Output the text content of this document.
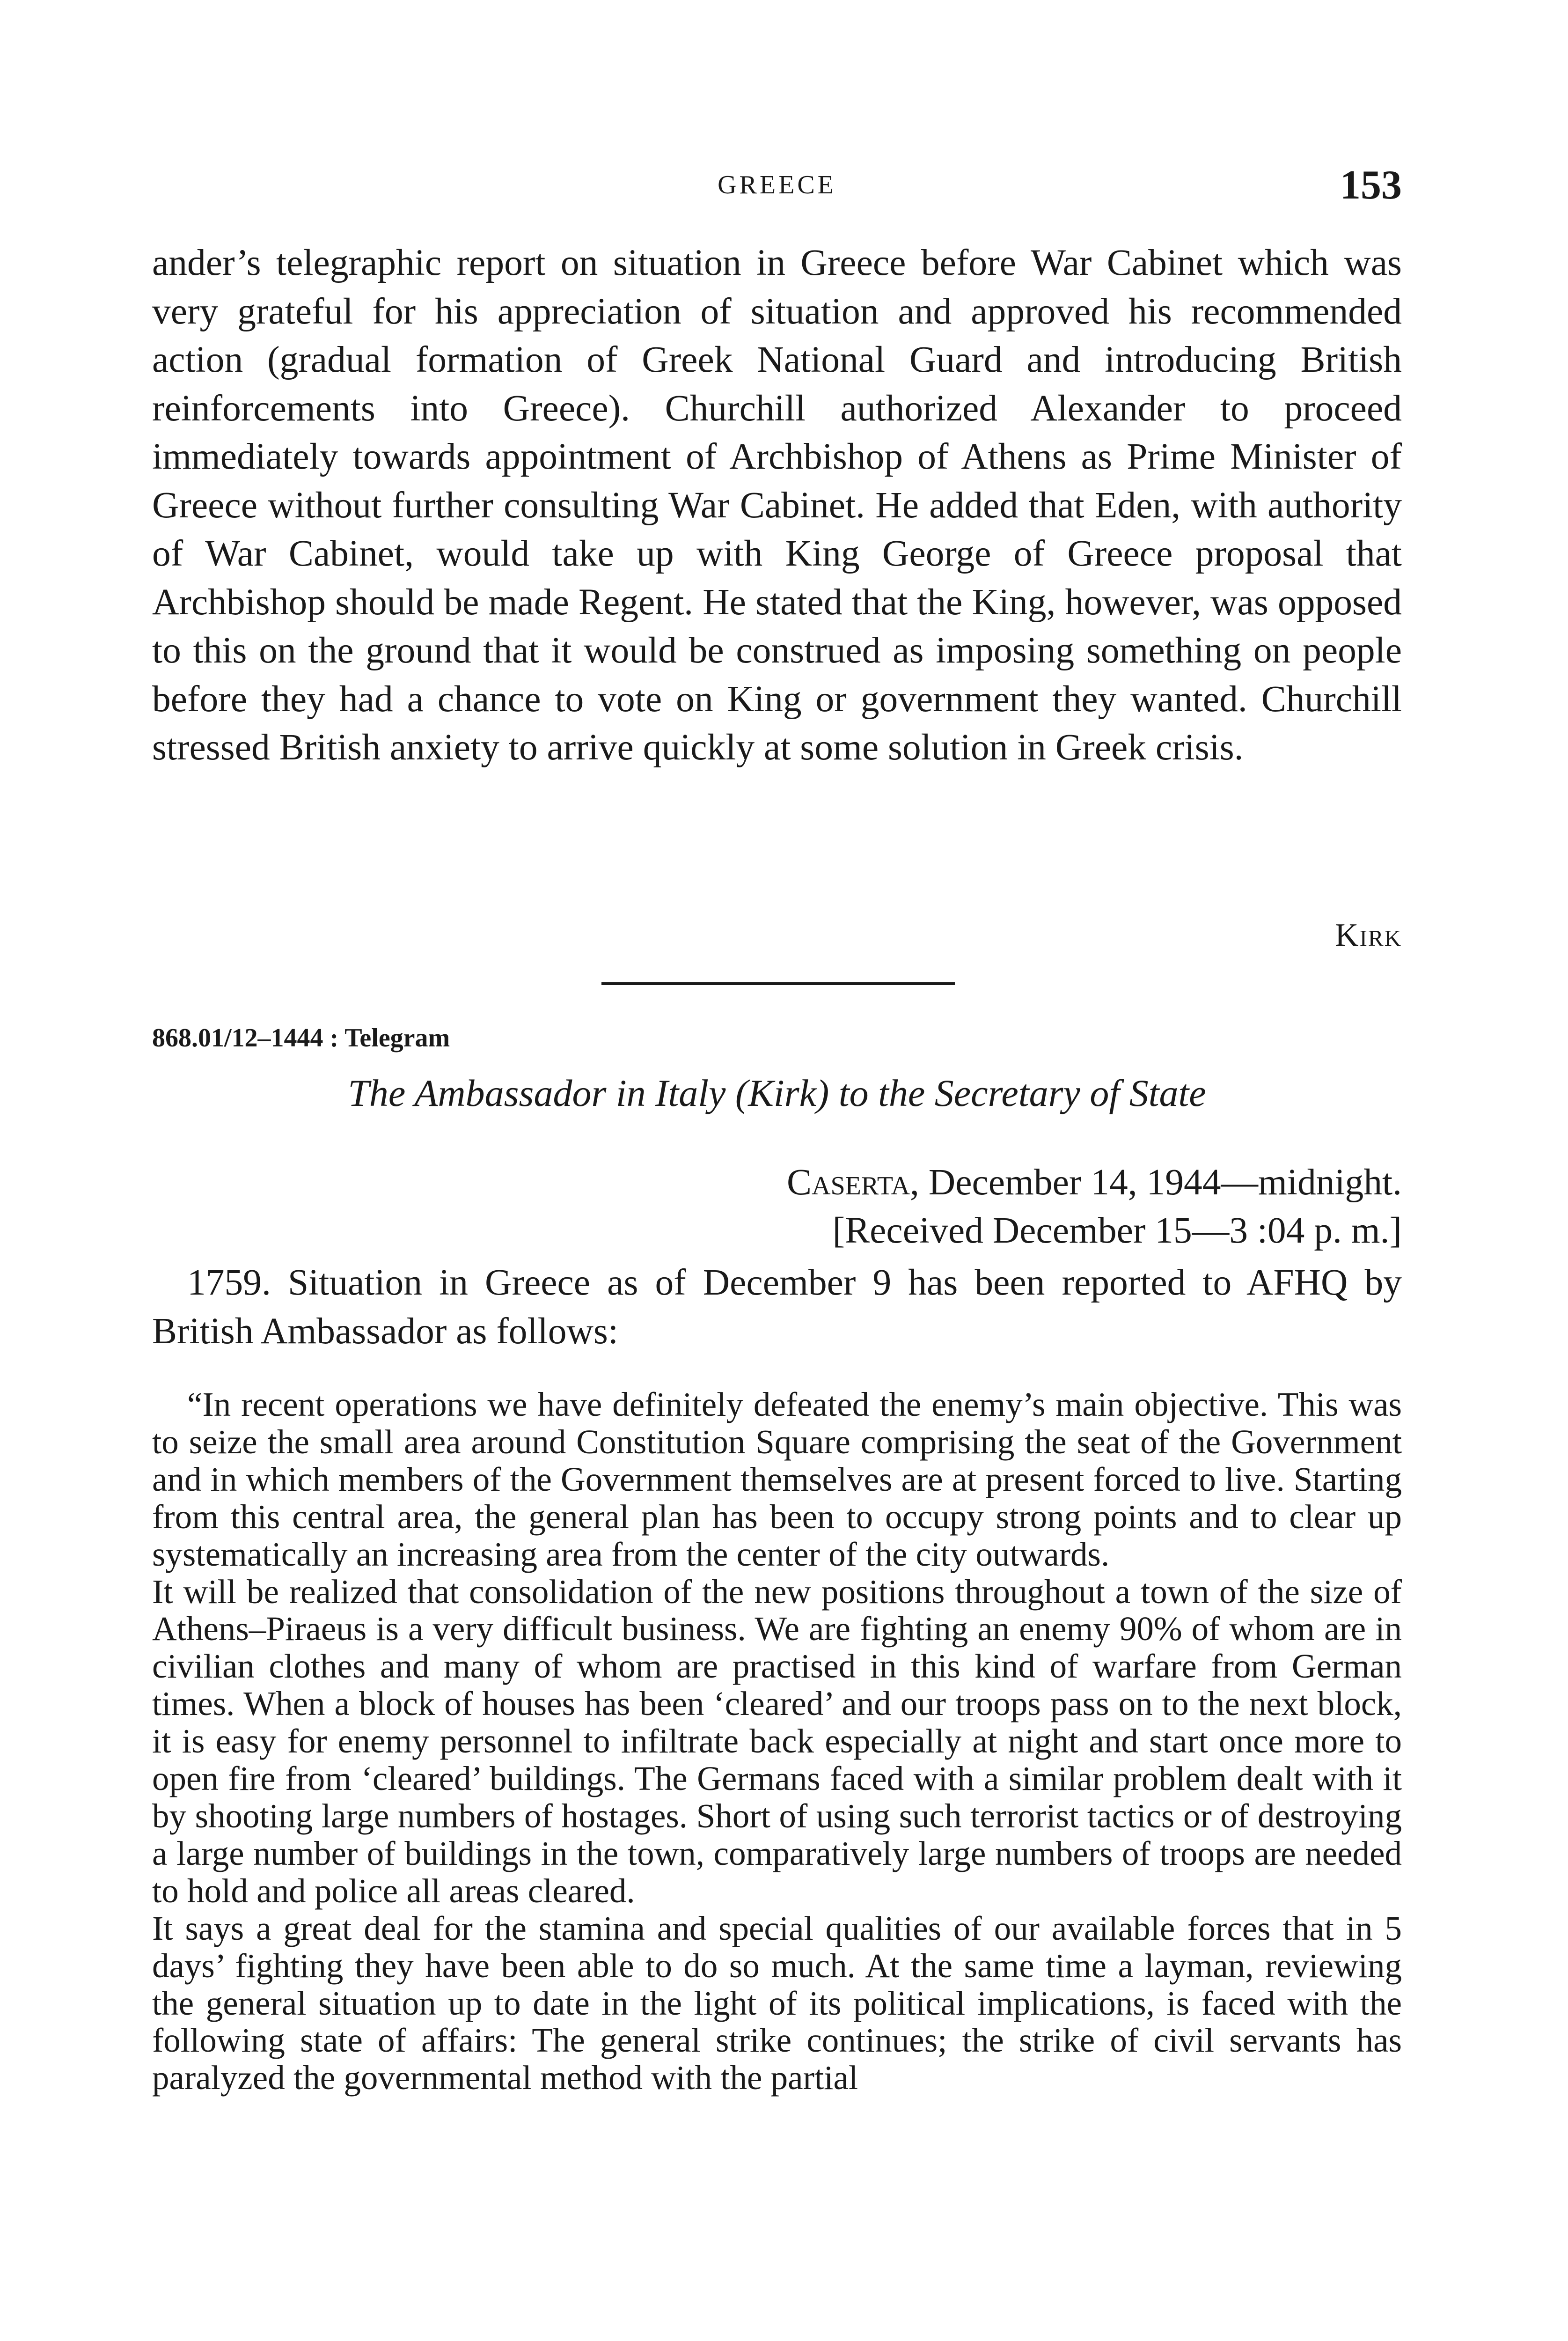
GREECE	153

ander’s telegraphic report on situation in Greece before War Cabinet which was very grateful for his appreciation of situation and approved his recommended action (gradual formation of Greek National Guard and introducing British reinforcements into Greece). Churchill authorized Alexander to proceed immediately towards appointment of Archbishop of Athens as Prime Minister of Greece without further consulting War Cabinet. He added that Eden, with authority of War Cabinet, would take up with King George of Greece proposal that Archbishop should be made Regent. He stated that the King, however, was opposed to this on the ground that it would be construed as imposing something on people before they had a chance to vote on King or government they wanted. Churchill stressed British anxiety to arrive quickly at some solution in Greek crisis.

Kirk
868.01/12–1444 : Telegram
The Ambassador in Italy (Kirk) to the Secretary of State
Caserta, December 14, 1944—midnight.
[Received December 15—3 :04 p. m.]

1759. Situation in Greece as of December 9 has been reported to AFHQ by British Ambassador as follows:

“In recent operations we have definitely defeated the enemy’s main objective. This was to seize the small area around Constitution Square comprising the seat of the Government and in which members of the Government themselves are at present forced to live. Starting from this central area, the general plan has been to occupy strong points and to clear up systematically an increasing area from the center of the city outwards.

It will be realized that consolidation of the new positions throughout a town of the size of Athens–Piraeus is a very difficult business. We are fighting an enemy 90% of whom are in civilian clothes and many of whom are practised in this kind of warfare from German times. When a block of houses has been ‘cleared’ and our troops pass on to the next block, it is easy for enemy personnel to infiltrate back especially at night and start once more to open fire from ‘cleared’ buildings. The Germans faced with a similar problem dealt with it by shooting large numbers of hostages. Short of using such terrorist tactics or of destroying a large number of buildings in the town, comparatively large numbers of troops are needed to hold and police all areas cleared.

It says a great deal for the stamina and special qualities of our available forces that in 5 days’ fighting they have been able to do so much. At the same time a layman, reviewing the general situation up to date in the light of its political implications, is faced with the following state of affairs: The general strike continues; the strike of civil servants has paralyzed the governmental method with the partial
